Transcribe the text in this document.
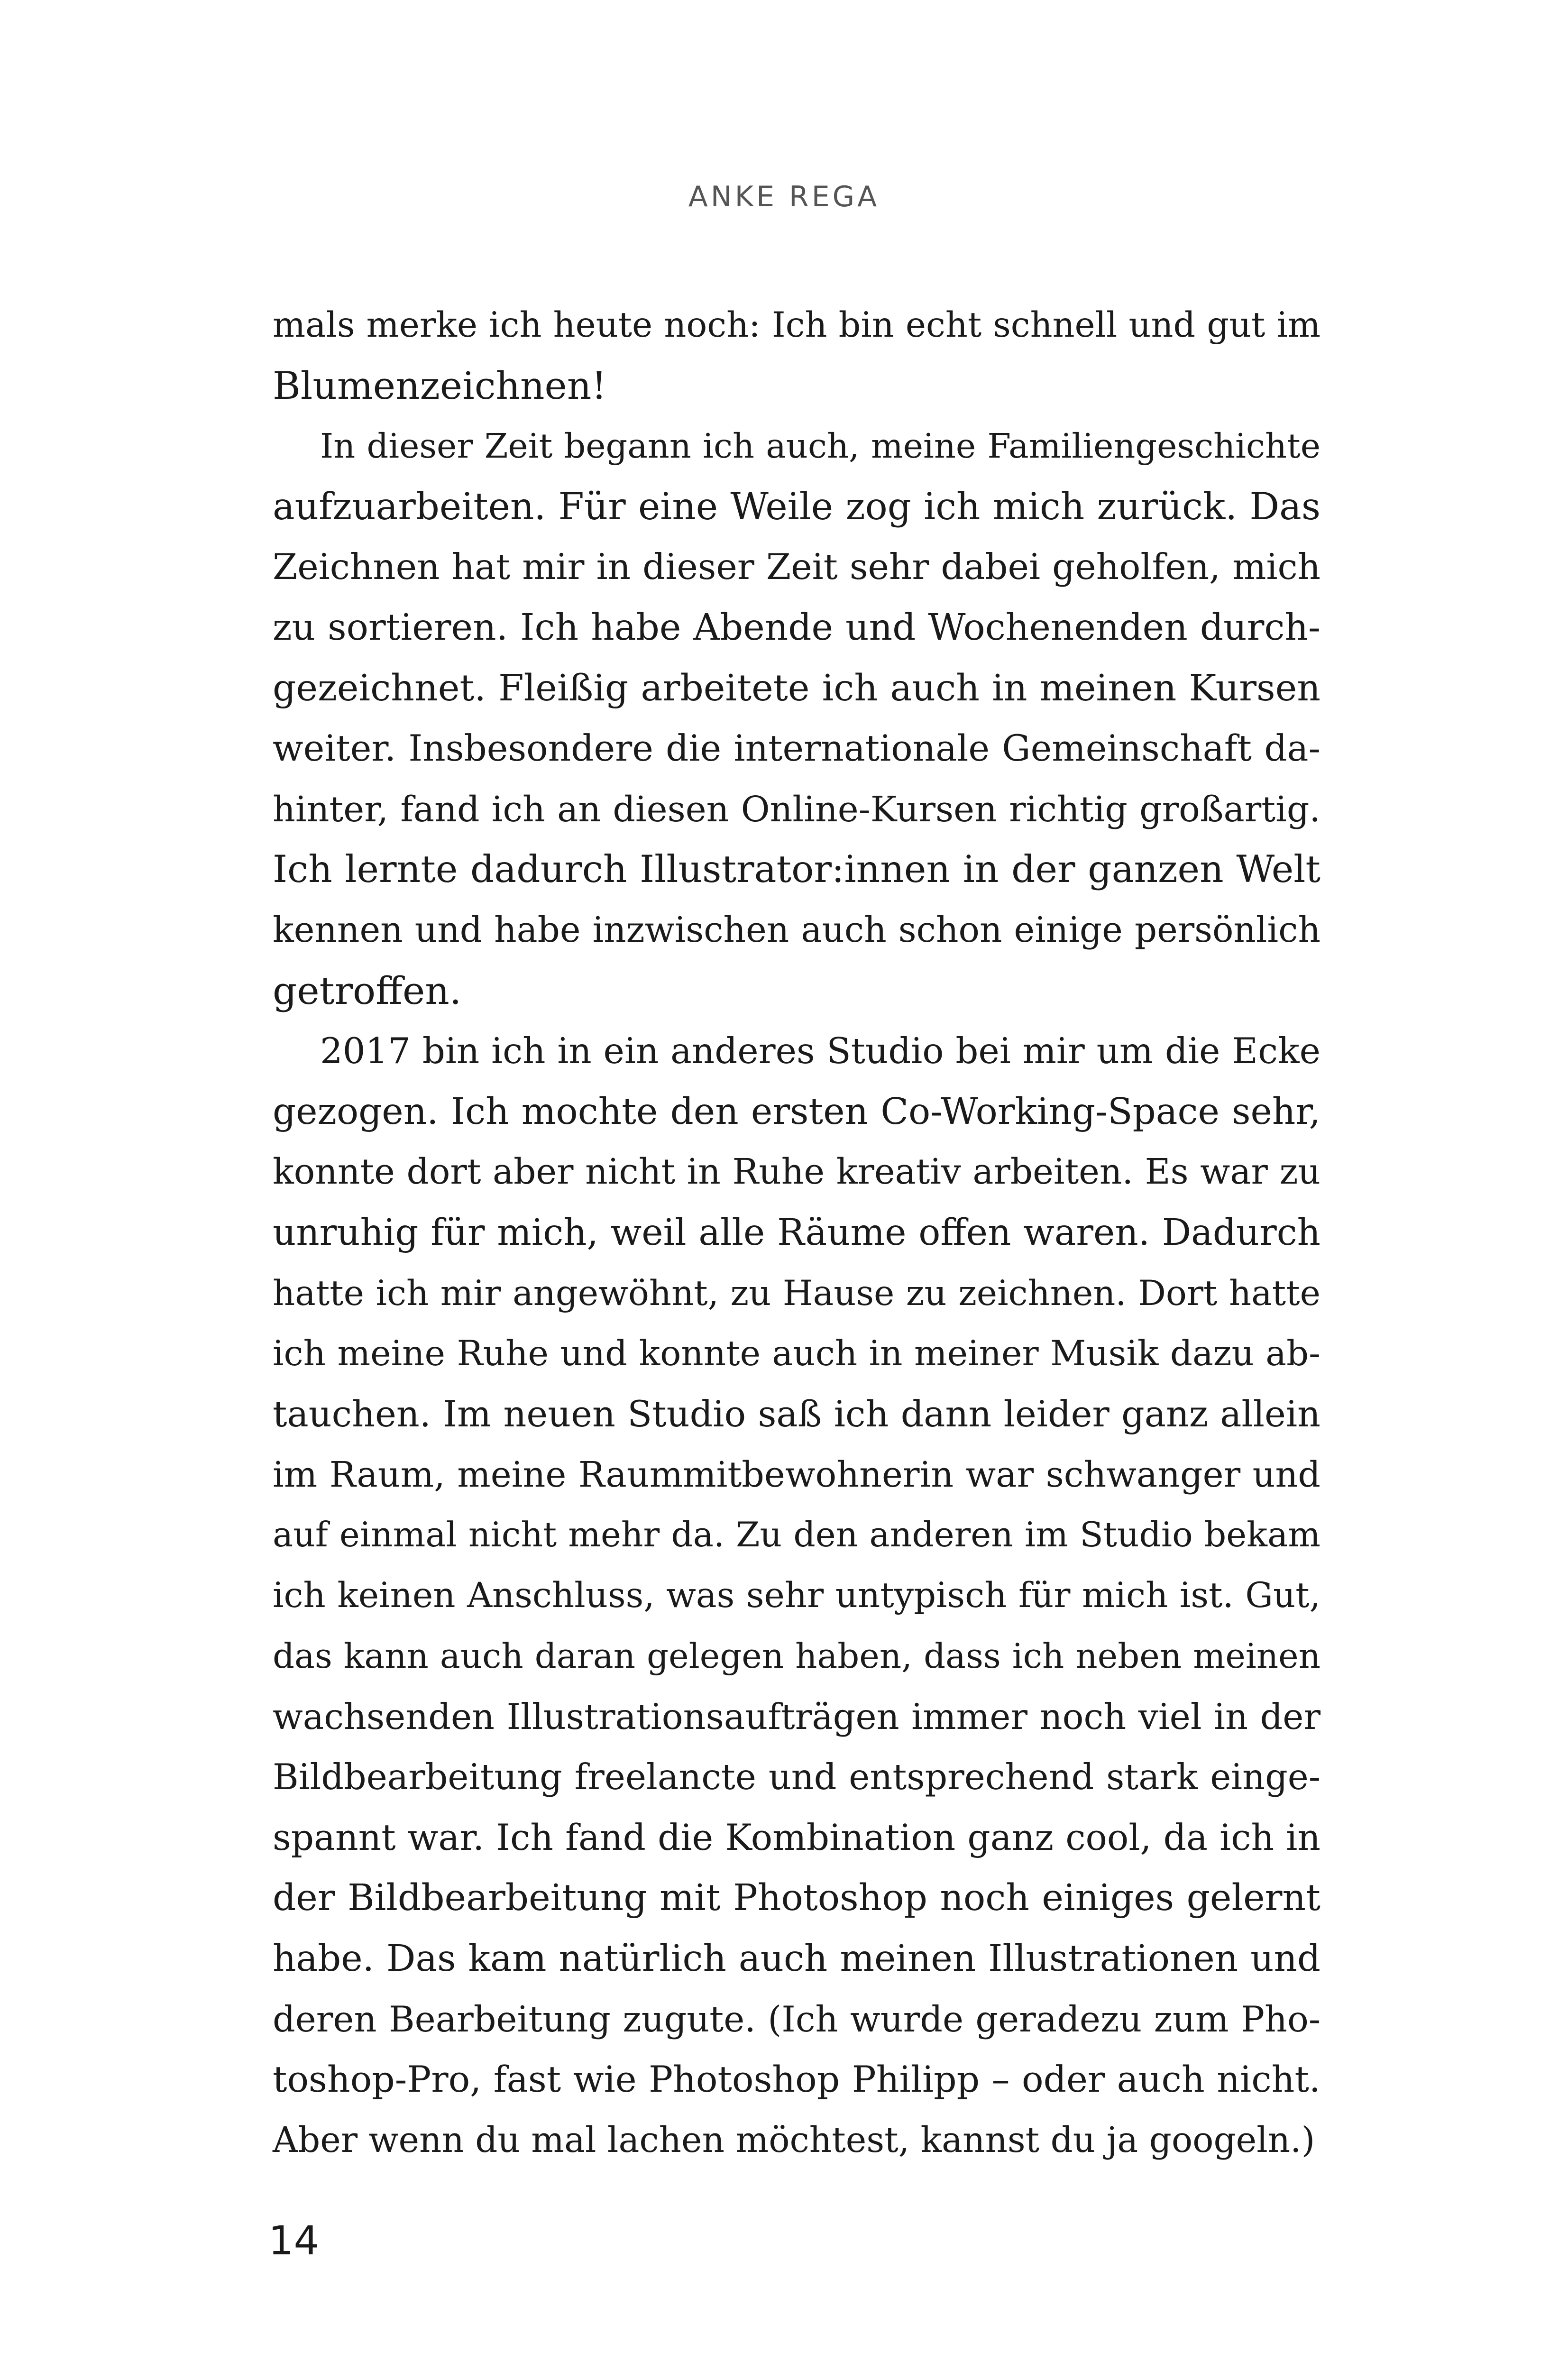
ANKE REGA
mals merke ich heute noch: Ich bin echt schnell und gut im
Blumenzeichnen!
In dieser Zeit begann ich auch, meine Familiengeschichte
aufzuarbeiten. Für eine Weile zog ich mich zurück. Das
Zeichnen hat mir in dieser Zeit sehr dabei geholfen, mich
zu sortieren. Ich habe Abende und Wochenenden durch-
gezeichnet. Fleißig arbeitete ich auch in meinen Kursen
weiter. Insbesondere die internationale Gemeinschaft da-
hinter, fand ich an diesen Online-Kursen richtig großartig.
Ich lernte dadurch Illustrator:innen in der ganzen Welt
kennen und habe inzwischen auch schon einige persönlich
getroffen.
2017 bin ich in ein anderes Studio bei mir um die Ecke
gezogen. Ich mochte den ersten Co-Working-Space sehr,
konnte dort aber nicht in Ruhe kreativ arbeiten. Es war zu
unruhig für mich, weil alle Räume offen waren. Dadurch
hatte ich mir angewöhnt, zu Hause zu zeichnen. Dort hatte
ich meine Ruhe und konnte auch in meiner Musik dazu ab-
tauchen. Im neuen Studio saß ich dann leider ganz allein
im Raum, meine Raummitbewohnerin war schwanger und
auf einmal nicht mehr da. Zu den anderen im Studio bekam
ich keinen Anschluss, was sehr untypisch für mich ist. Gut,
das kann auch daran gelegen haben, dass ich neben meinen
wachsenden Illustrationsaufträgen immer noch viel in der
Bildbearbeitung freelancte und entsprechend stark einge-
spannt war. Ich fand die Kombination ganz cool, da ich in
der Bildbearbeitung mit Photoshop noch einiges gelernt
habe. Das kam natürlich auch meinen Illustrationen und
deren Bearbeitung zugute. (Ich wurde geradezu zum Pho-
toshop-Pro, fast wie Photoshop Philipp – oder auch nicht.
Aber wenn du mal lachen möchtest, kannst du ja googeln.)
14
